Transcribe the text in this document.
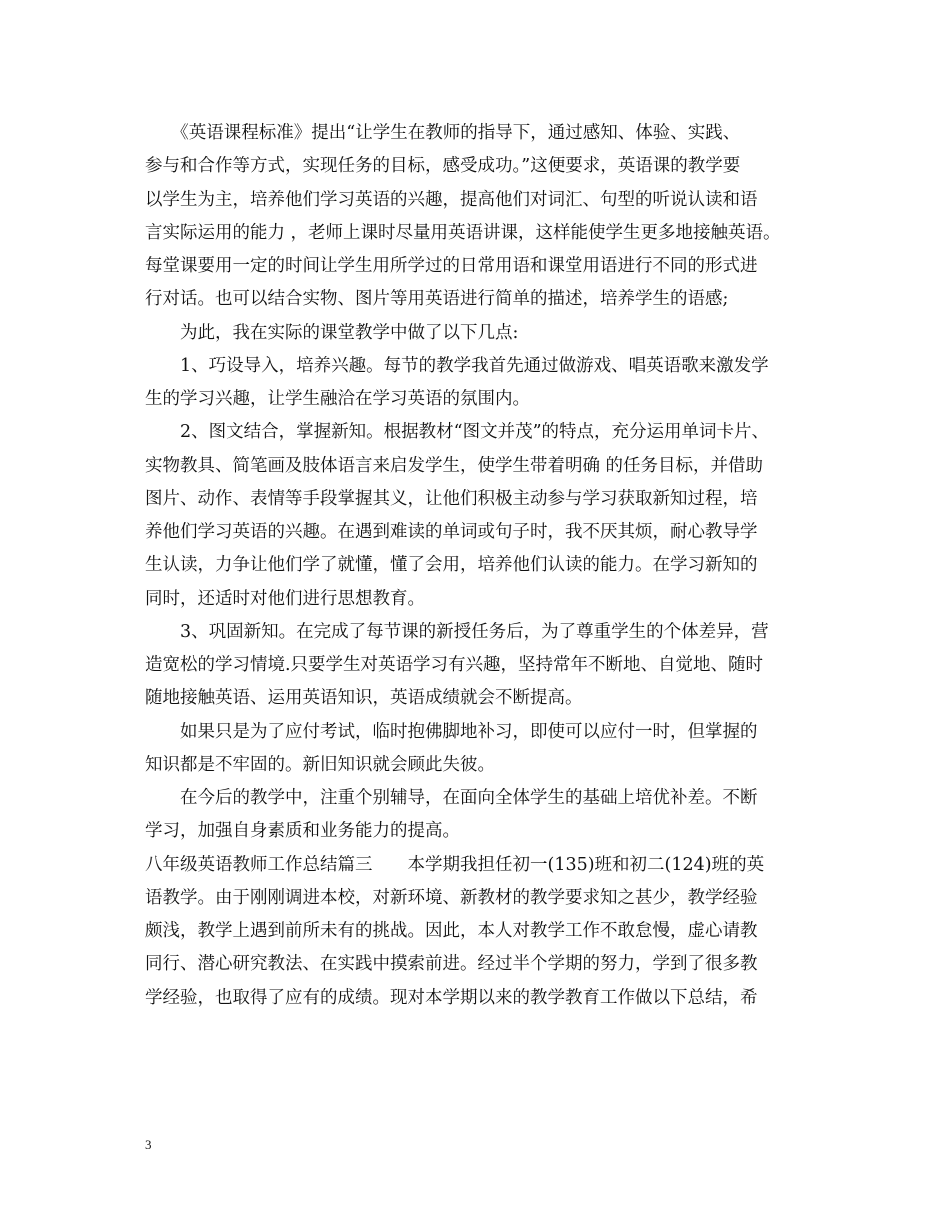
　　《英语课程标准》提出“让学生在教师的指导下，通过感知、体验、实践、
参与和合作等方式，实现任务的目标，感受成功。”这便要求，英语课的教学要
以学生为主，培养他们学习英语的兴趣，提高他们对词汇、句型的听说认读和语
言实际运用的能力 ，老师上课时尽量用英语讲课，这样能使学生更多地接触英语。
每堂课要用一定的时间让学生用所学过的日常用语和课堂用语进行不同的形式进
行对话。也可以结合实物、图片等用英语进行简单的描述，培养学生的语感;
　　为此，我在实际的课堂教学中做了以下几点:
　　1、巧设导入，培养兴趣。每节的教学我首先通过做游戏、唱英语歌来激发学
生的学习兴趣，让学生融洽在学习英语的氛围内。
　　2、图文结合，掌握新知。根据教材“图文并茂”的特点，充分运用单词卡片、
实物教具、简笔画及肢体语言来启发学生，使学生带着明确 的任务目标，并借助
图片、动作、表情等手段掌握其义，让他们积极主动参与学习获取新知过程，培
养他们学习英语的兴趣。在遇到难读的单词或句子时，我不厌其烦，耐心教导学
生认读，力争让他们学了就懂，懂了会用，培养他们认读的能力。在学习新知的
同时，还适时对他们进行思想教育。
　　3、巩固新知。在完成了每节课的新授任务后，为了尊重学生的个体差异，营
造宽松的学习情境.只要学生对英语学习有兴趣，坚持常年不断地、自觉地、随时
随地接触英语、运用英语知识，英语成绩就会不断提高。
　　如果只是为了应付考试，临时抱佛脚地补习，即使可以应付一时，但掌握的
知识都是不牢固的。新旧知识就会顾此失彼。
　　在今后的教学中，注重个别辅导，在面向全体学生的基础上培优补差。不断
学习，加强自身素质和业务能力的提高。
八年级英语教师工作总结篇三　　本学期我担任初一(135)班和初二(124)班的英
语教学。由于刚刚调进本校，对新环境、新教材的教学要求知之甚少，教学经验
颇浅，教学上遇到前所未有的挑战。因此，本人对教学工作不敢怠慢，虚心请教
同行、潜心研究教法、在实践中摸索前进。经过半个学期的努力，学到了很多教
学经验，也取得了应有的成绩。现对本学期以来的教学教育工作做以下总结，希
3
